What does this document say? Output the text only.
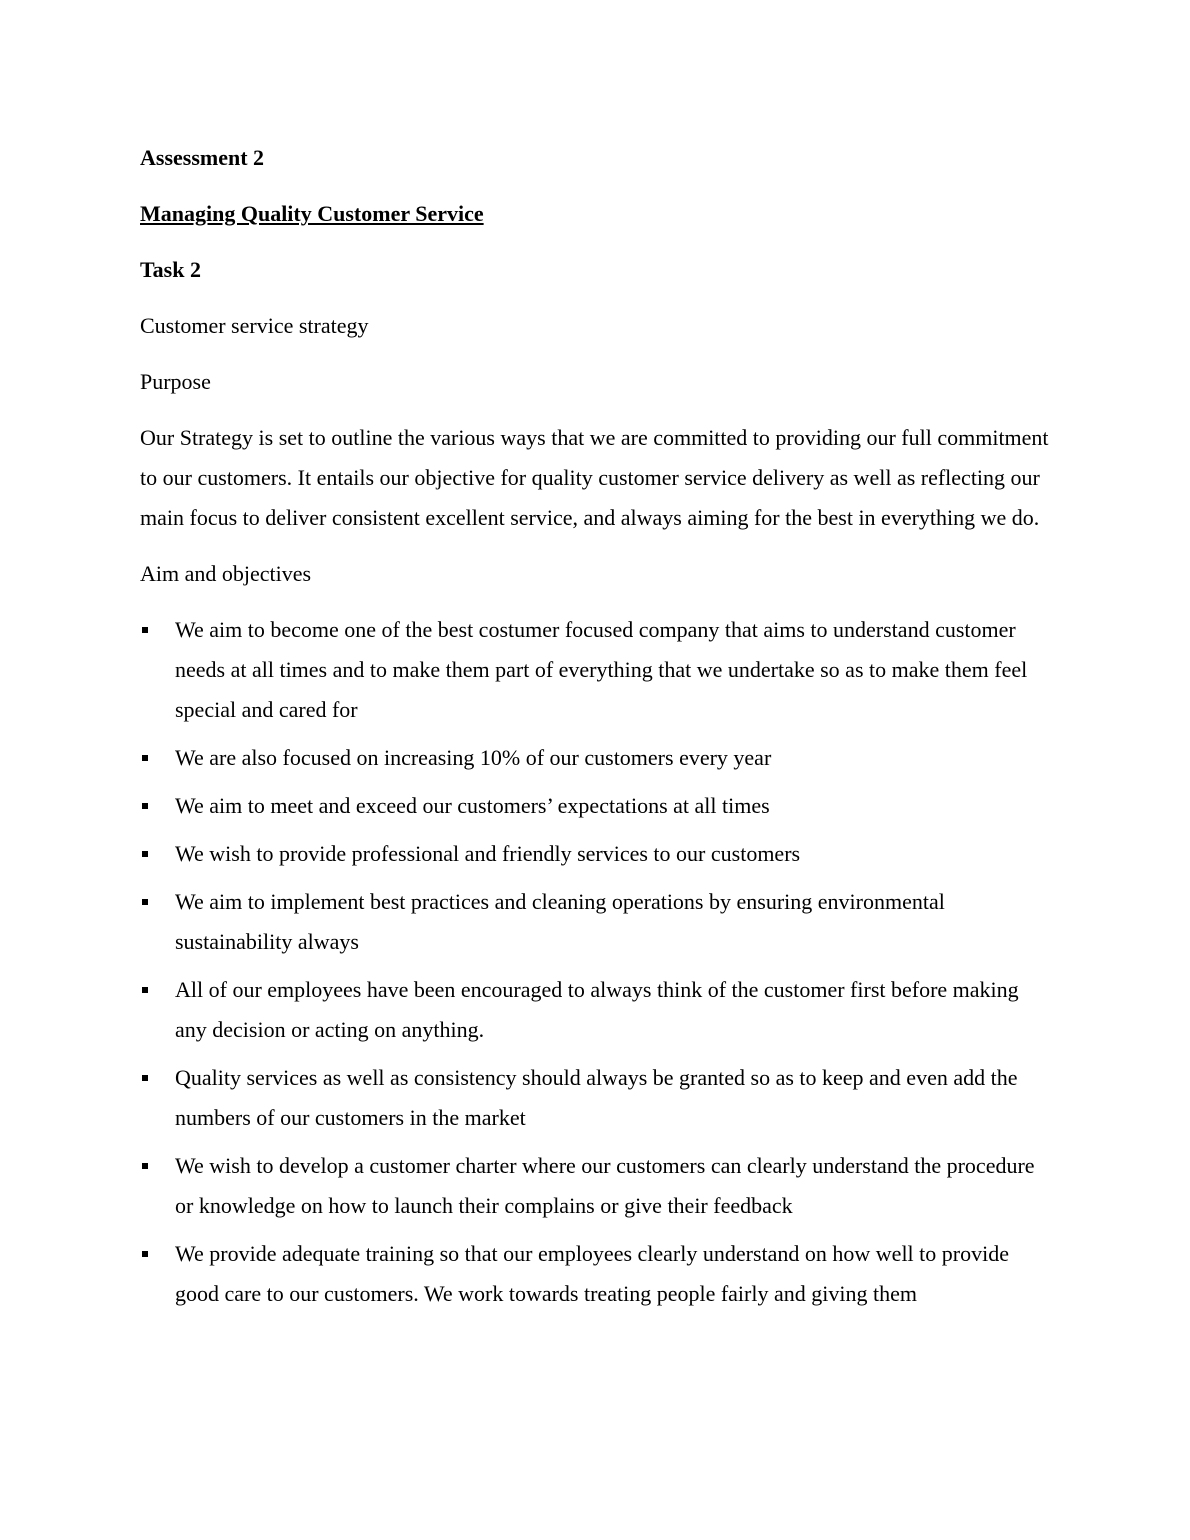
Assessment 2

Managing Quality Customer Service

Task 2

Customer service strategy

Purpose

Our Strategy is set to outline the various ways that we are committed to providing our full commitment to our customers. It entails our objective for quality customer service delivery as well as reflecting our main focus to deliver consistent excellent service, and always aiming for the best in everything we do.

Aim and objectives

We aim to become one of the best costumer focused company that aims to understand customer needs at all times and to make them part of everything that we undertake so as to make them feel special and cared for
We are also focused on increasing 10% of our customers every year
We aim to meet and exceed our customers’ expectations at all times
We wish to provide professional and friendly services to our customers
We aim to implement best practices and cleaning operations by ensuring environmental sustainability always
All of our employees have been encouraged to always think of the customer first before making any decision or acting on anything.
Quality services as well as consistency should always be granted so as to keep and even add the numbers of our customers in the market
We wish to develop a customer charter where our customers can clearly understand the procedure or knowledge on how to launch their complains or give their feedback
We provide adequate training so that our employees clearly understand on how well to provide good care to our customers. We work towards treating people fairly and giving them
